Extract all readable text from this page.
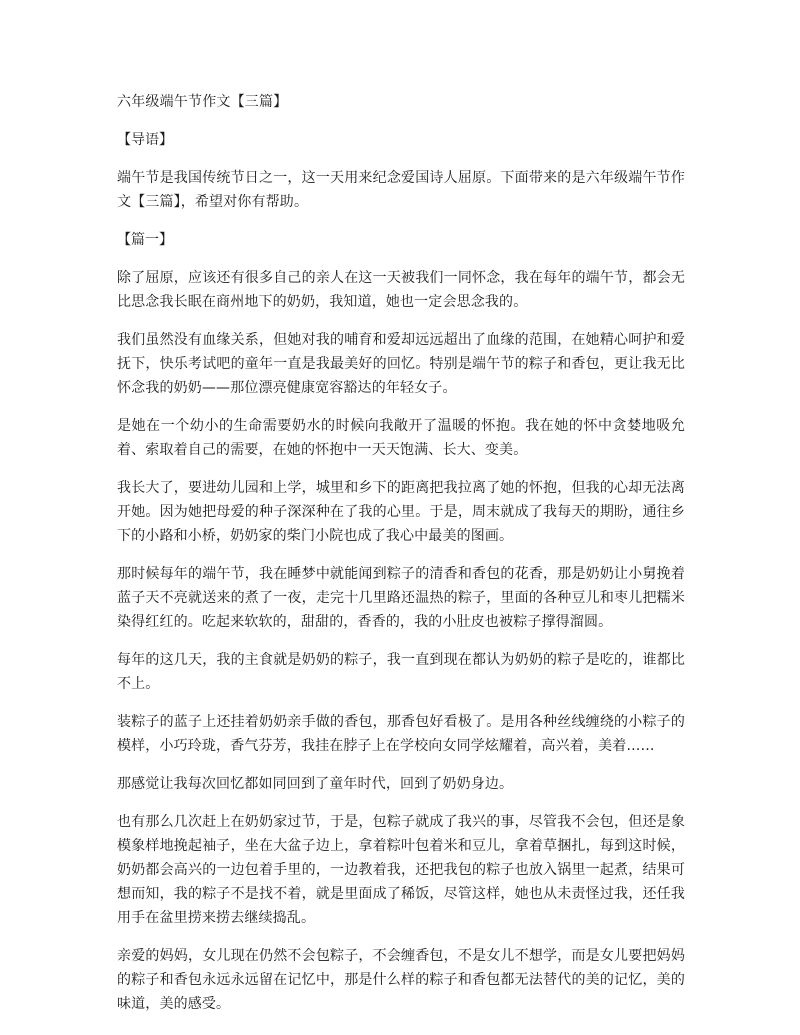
六年级端午节作文【三篇】

【导语】

端午节是我国传统节日之一，这一天用来纪念爱国诗人屈原。下面带来的是六年级端午节作文【三篇】，希望对你有帮助。

【篇一】

除了屈原，应该还有很多自己的亲人在这一天被我们一同怀念，我在每年的端午节，都会无比思念我长眠在商州地下的奶奶，我知道，她也一定会思念我的。

我们虽然没有血缘关系，但她对我的哺育和爱却远远超出了血缘的范围，在她精心呵护和爱抚下，快乐考试吧的童年一直是我最美好的回忆。特别是端午节的粽子和香包，更让我无比怀念我的奶奶——那位漂亮健康宽容豁达的年轻女子。

是她在一个幼小的生命需要奶水的时候向我敞开了温暖的怀抱。我在她的怀中贪婪地吸允着、索取着自己的需要，在她的怀抱中一天天饱满、长大、变美。

我长大了，要进幼儿园和上学，城里和乡下的距离把我拉离了她的怀抱，但我的心却无法离开她。因为她把母爱的种子深深种在了我的心里。于是，周末就成了我每天的期盼，通往乡下的小路和小桥，奶奶家的柴门小院也成了我心中最美的图画。

那时候每年的端午节，我在睡梦中就能闻到粽子的清香和香包的花香，那是奶奶让小舅挽着蓝子天不亮就送来的煮了一夜，走完十几里路还温热的粽子，里面的各种豆儿和枣儿把糯米染得红红的。吃起来软软的，甜甜的，香香的，我的小肚皮也被粽子撑得溜圆。

每年的这几天，我的主食就是奶奶的粽子，我一直到现在都认为奶奶的粽子是吃的，谁都比不上。

装粽子的蓝子上还挂着奶奶亲手做的香包，那香包好看极了。是用各种丝线缠绕的小粽子的模样，小巧玲珑，香气芬芳，我挂在脖子上在学校向女同学炫耀着，高兴着，美着……

那感觉让我每次回忆都如同回到了童年时代，回到了奶奶身边。

也有那么几次赶上在奶奶家过节，于是，包粽子就成了我兴的事，尽管我不会包，但还是象模象样地挽起袖子，坐在大盆子边上，拿着粽叶包着米和豆儿，拿着草捆扎，每到这时候，奶奶都会高兴的一边包着手里的，一边教着我，还把我包的粽子也放入锅里一起煮，结果可想而知，我的粽子不是找不着，就是里面成了稀饭，尽管这样，她也从未责怪过我，还任我用手在盆里捞来捞去继续捣乱。

亲爱的妈妈，女儿现在仍然不会包粽子，不会缠香包，不是女儿不想学，而是女儿要把妈妈的粽子和香包永远永远留在记忆中，那是什么样的粽子和香包都无法替代的美的记忆，美的味道，美的感受。
